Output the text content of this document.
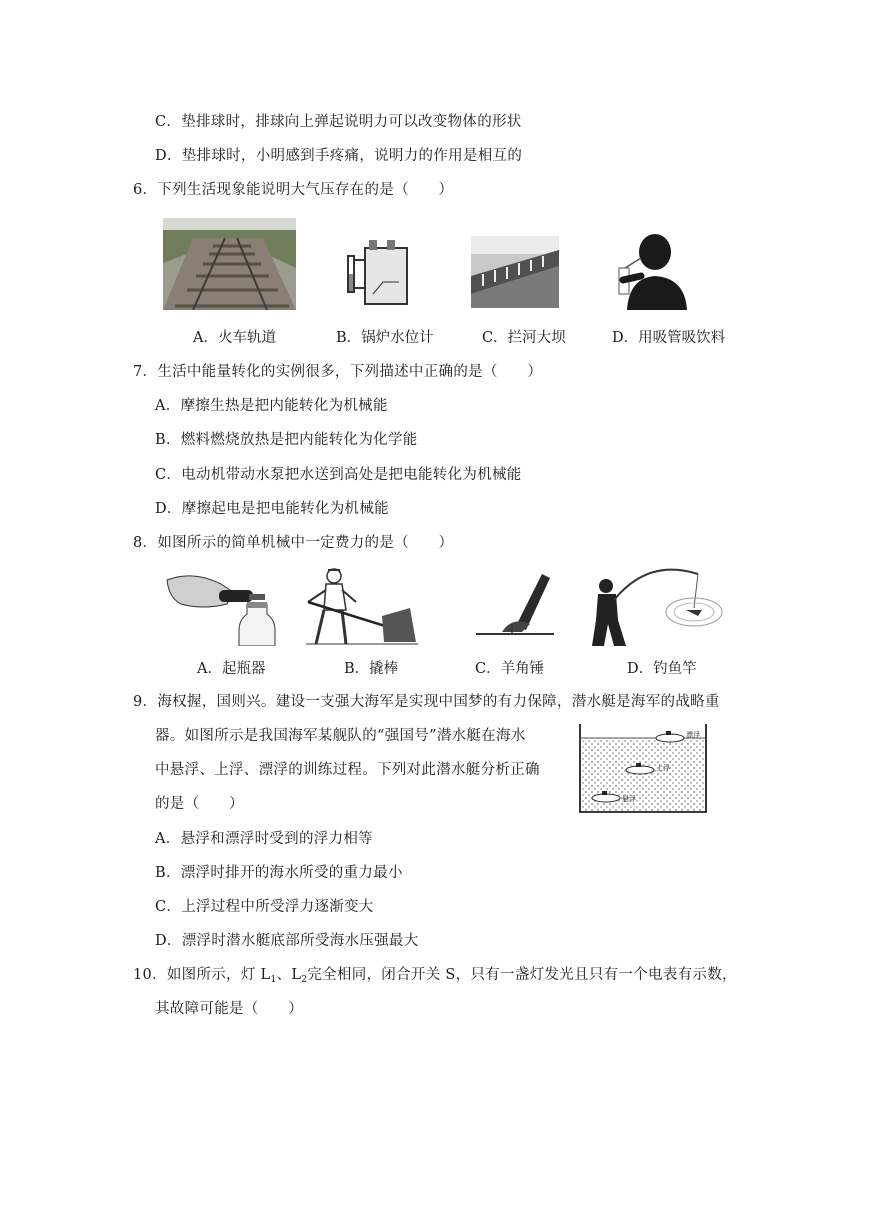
C．垫排球时，排球向上弹起说明力可以改变物体的形状
D．垫排球时，小明感到手疼痛，说明力的作用是相互的
6．下列生活现象能说明大气压存在的是（　　）
A．火车轨道	B．锅炉水位计	C．拦河大坝	D．用吸管吸饮料
7．生活中能量转化的实例很多，下列描述中正确的是（　　）
A．摩擦生热是把内能转化为机械能
B．燃料燃烧放热是把内能转化为化学能
C．电动机带动水泵把水送到高处是把电能转化为机械能
D．摩擦起电是把电能转化为机械能
8．如图所示的简单机械中一定费力的是（　　）
A．起瓶器	B．撬棒	C．羊角锤	D．钓鱼竿
9．海权握，国则兴。建设一支强大海军是实现中国梦的有力保障，潜水艇是海军的战略重
器。如图所示是我国海军某舰队的“强国号”潜水艇在海水
中悬浮、上浮、漂浮的训练过程。下列对此潜水艇分析正确
的是（　　）
漂浮
上浮
悬浮
A．悬浮和漂浮时受到的浮力相等
B．漂浮时排开的海水所受的重力最小
C．上浮过程中所受浮力逐渐变大
D．漂浮时潜水艇底部所受海水压强最大
10．如图所示，灯 $L_1$、$L_2$完全相同，闭合开关 S，只有一盏灯发光且只有一个电表有示数，
其故障可能是（　　）
